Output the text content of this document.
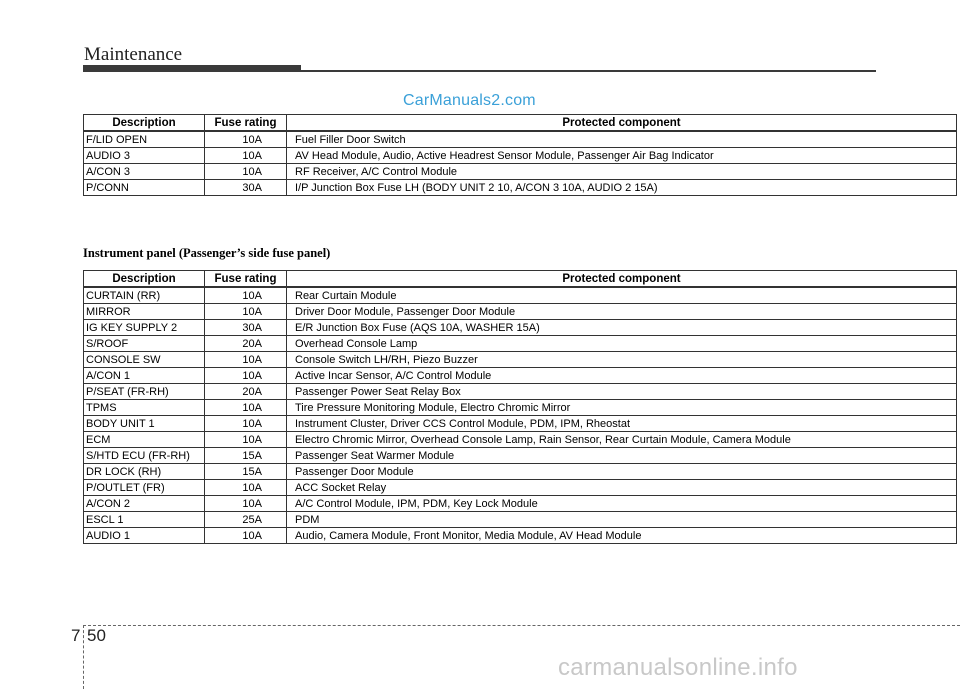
Maintenance
CarManuals2.com
Description	Fuse rating	Protected component
F/LID OPEN	10A	Fuel Filler Door Switch
AUDIO 3	10A	AV Head Module, Audio, Active Headrest Sensor Module, Passenger Air Bag Indicator
A/CON 3	10A	RF Receiver, A/C Control Module
P/CONN	30A	I/P Junction Box Fuse LH (BODY UNIT 2 10, A/CON 3 10A, AUDIO 2 15A)
Instrument panel (Passenger’s side fuse panel)
Description	Fuse rating	Protected component
CURTAIN (RR)	10A	Rear Curtain Module
MIRROR	10A	Driver Door Module, Passenger Door Module
IG KEY SUPPLY 2	30A	E/R Junction Box Fuse (AQS 10A, WASHER 15A)
S/ROOF	20A	Overhead Console Lamp
CONSOLE SW	10A	Console Switch LH/RH, Piezo Buzzer
A/CON 1	10A	Active Incar Sensor, A/C Control Module
P/SEAT (FR-RH)	20A	Passenger Power Seat Relay Box
TPMS	10A	Tire Pressure Monitoring Module, Electro Chromic Mirror
BODY UNIT 1	10A	Instrument Cluster, Driver CCS Control Module, PDM, IPM, Rheostat
ECM	10A	Electro Chromic Mirror, Overhead Console Lamp, Rain Sensor, Rear Curtain Module, Camera Module
S/HTD ECU (FR-RH)	15A	Passenger Seat Warmer Module
DR LOCK (RH)	15A	Passenger Door Module
P/OUTLET (FR)	10A	ACC Socket Relay
A/CON 2	10A	A/C Control Module, IPM, PDM, Key Lock Module
ESCL 1	25A	PDM
AUDIO 1	10A	Audio, Camera Module, Front Monitor, Media Module, AV Head Module
7 50
carmanualsonline.info
